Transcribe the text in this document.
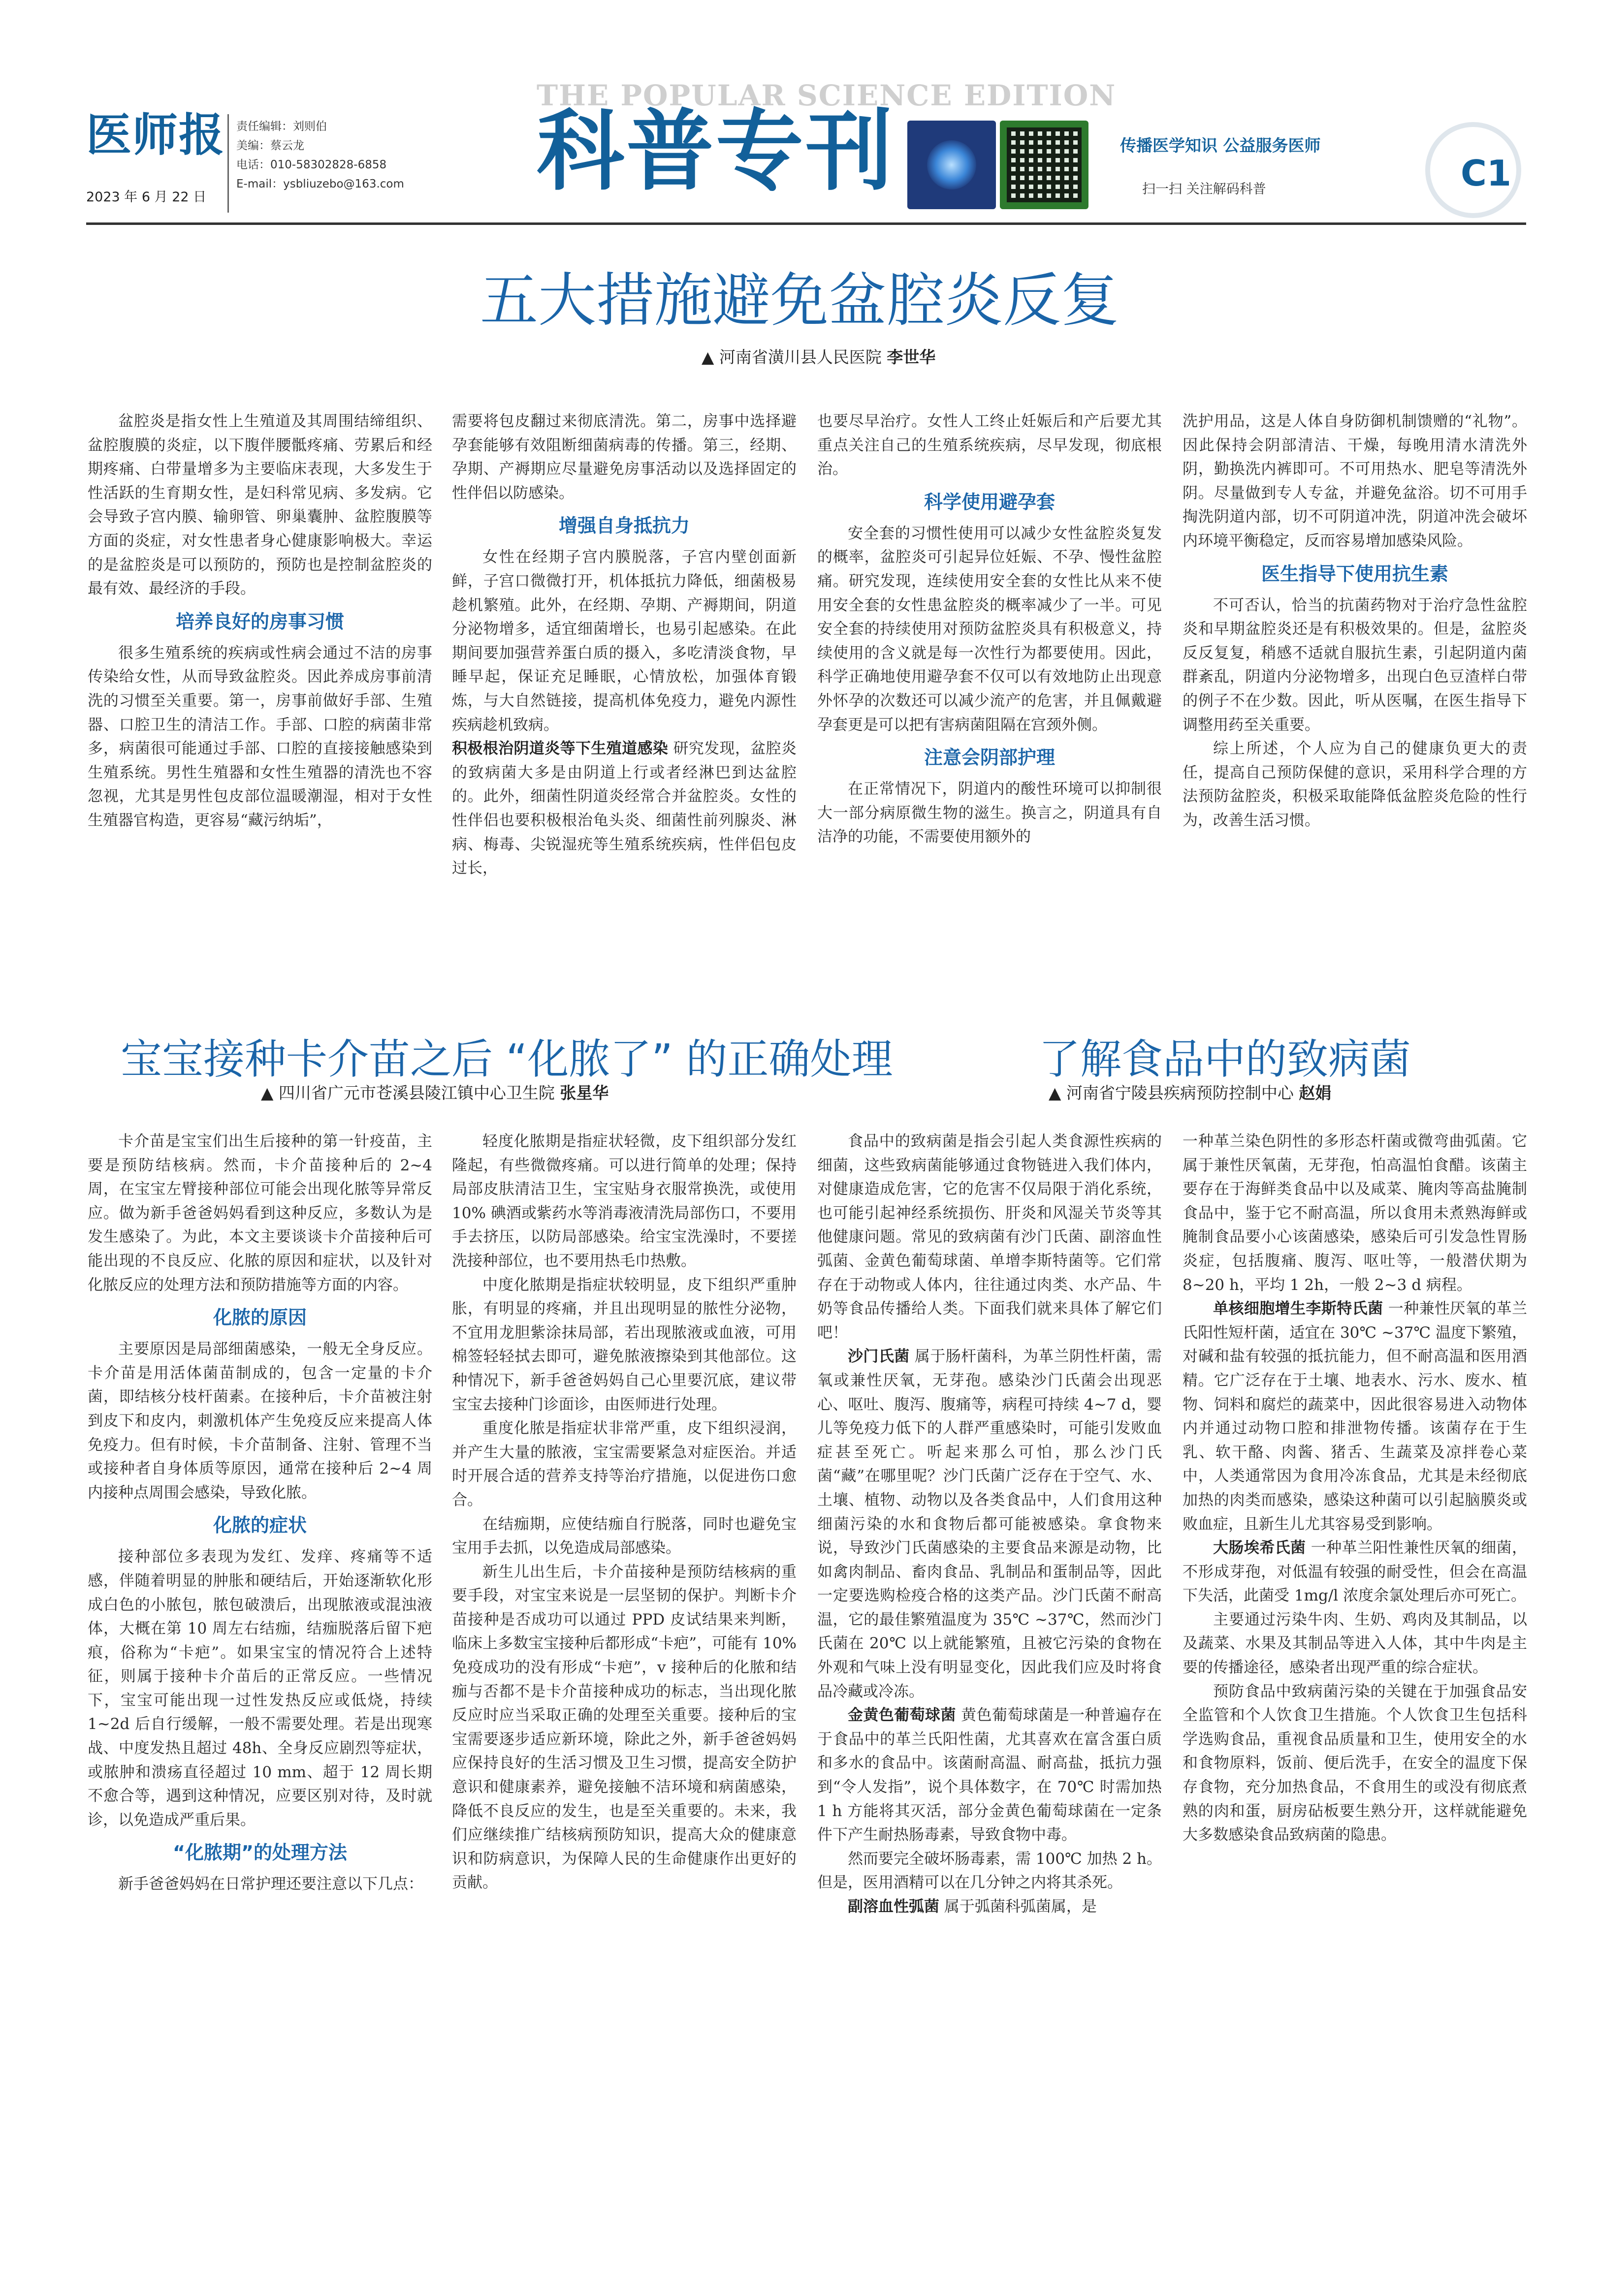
医师报
2023 年 6 月 22 日
责任编辑：刘则伯
美编：蔡云龙
电话：010-58302828-6858
E-mail：ysbliuzebo@163.com
THE POPULAR SCIENCE EDITION
科普专刊	传播医学知识 公益服务医师
扫一扫 关注解码科普	C1
五大措施避免盆腔炎反复
▲ 河南省潢川县人民医院 李世华

盆腔炎是指女性上生殖道及其周围结缔组织、盆腔腹膜的炎症，以下腹伴腰骶疼痛、劳累后和经期疼痛、白带量增多为主要临床表现，大多发生于性活跃的生育期女性，是妇科常见病、多发病。它会导致子宫内膜、输卵管、卵巢囊肿、盆腔腹膜等方面的炎症，对女性患者身心健康影响极大。幸运的是盆腔炎是可以预防的，预防也是控制盆腔炎的最有效、最经济的手段。

培养良好的房事习惯

很多生殖系统的疾病或性病会通过不洁的房事传染给女性，从而导致盆腔炎。因此养成房事前清洗的习惯至关重要。第一，房事前做好手部、生殖器、口腔卫生的清洁工作。手部、口腔的病菌非常多，病菌很可能通过手部、口腔的直接接触感染到生殖系统。男性生殖器和女性生殖器的清洗也不容忽视，尤其是男性包皮部位温暖潮湿，相对于女性生殖器官构造，更容易“藏污纳垢”，

需要将包皮翻过来彻底清洗。第二，房事中选择避孕套能够有效阻断细菌病毒的传播。第三，经期、孕期、产褥期应尽量避免房事活动以及选择固定的性伴侣以防感染。

增强自身抵抗力

女性在经期子宫内膜脱落，子宫内壁创面新鲜，子宫口微微打开，机体抵抗力降低，细菌极易趁机繁殖。此外，在经期、孕期、产褥期间，阴道分泌物增多，适宜细菌增长，也易引起感染。在此期间要加强营养蛋白质的摄入，多吃清淡食物，早睡早起，保证充足睡眠，心情放松，加强体育锻炼，与大自然链接，提高机体免疫力，避免内源性疾病趁机致病。

积极根治阴道炎等下生殖道感染 研究发现，盆腔炎的致病菌大多是由阴道上行或者经淋巴到达盆腔的。此外，细菌性阴道炎经常合并盆腔炎。女性的性伴侣也要积极根治龟头炎、细菌性前列腺炎、淋病、梅毒、尖锐湿疣等生殖系统疾病，性伴侣包皮过长，

也要尽早治疗。女性人工终止妊娠后和产后要尤其重点关注自己的生殖系统疾病，尽早发现，彻底根治。

科学使用避孕套

安全套的习惯性使用可以减少女性盆腔炎复发的概率，盆腔炎可引起异位妊娠、不孕、慢性盆腔痛。研究发现，连续使用安全套的女性比从来不使用安全套的女性患盆腔炎的概率减少了一半。可见安全套的持续使用对预防盆腔炎具有积极意义，持续使用的含义就是每一次性行为都要使用。因此，科学正确地使用避孕套不仅可以有效地防止出现意外怀孕的次数还可以减少流产的危害，并且佩戴避孕套更是可以把有害病菌阻隔在宫颈外侧。

注意会阴部护理

在正常情况下，阴道内的酸性环境可以抑制很大一部分病原微生物的滋生。换言之，阴道具有自洁净的功能，不需要使用额外的

洗护用品，这是人体自身防御机制馈赠的“礼物”。因此保持会阴部清洁、干燥，每晚用清水清洗外阴，勤换洗内裤即可。不可用热水、肥皂等清洗外阴。尽量做到专人专盆，并避免盆浴。切不可用手掏洗阴道内部，切不可阴道冲洗，阴道冲洗会破坏内环境平衡稳定，反而容易增加感染风险。

医生指导下使用抗生素

不可否认，恰当的抗菌药物对于治疗急性盆腔炎和早期盆腔炎还是有积极效果的。但是，盆腔炎反反复复，稍感不适就自服抗生素，引起阴道内菌群紊乱，阴道内分泌物增多，出现白色豆渣样白带的例子不在少数。因此，听从医嘱，在医生指导下调整用药至关重要。

综上所述，个人应为自己的健康负更大的责任，提高自己预防保健的意识，采用科学合理的方法预防盆腔炎，积极采取能降低盆腔炎危险的性行为，改善生活习惯。

宝宝接种卡介苗之后 “化脓了” 的正确处理
▲ 四川省广元市苍溪县陵江镇中心卫生院 张星华

卡介苗是宝宝们出生后接种的第一针疫苗，主要是预防结核病。然而，卡介苗接种后的 2~4 周，在宝宝左臂接种部位可能会出现化脓等异常反应。做为新手爸爸妈妈看到这种反应，多数认为是发生感染了。为此，本文主要谈谈卡介苗接种后可能出现的不良反应、化脓的原因和症状，以及针对化脓反应的处理方法和预防措施等方面的内容。

化脓的原因

主要原因是局部细菌感染，一般无全身反应。卡介苗是用活体菌苗制成的，包含一定量的卡介菌，即结核分枝杆菌素。在接种后，卡介苗被注射到皮下和皮内，刺激机体产生免疫反应来提高人体免疫力。但有时候，卡介苗制备、注射、管理不当或接种者自身体质等原因，通常在接种后 2~4 周内接种点周围会感染，导致化脓。

化脓的症状

接种部位多表现为发红、发痒、疼痛等不适感，伴随着明显的肿胀和硬结后，开始逐渐软化形成白色的小脓包，脓包破溃后，出现脓液或混浊液体，大概在第 10 周左右结痂，结痂脱落后留下疤痕，俗称为“卡疤”。如果宝宝的情况符合上述特征，则属于接种卡介苗后的正常反应。一些情况下，宝宝可能出现一过性发热反应或低烧，持续 1~2d 后自行缓解，一般不需要处理。若是出现寒战、中度发热且超过 48h、全身反应剧烈等症状，或脓肿和溃疡直径超过 10 mm、超于 12 周长期不愈合等，遇到这种情况，应要区别对待，及时就诊，以免造成严重后果。

“化脓期”的处理方法

新手爸爸妈妈在日常护理还要注意以下几点：

轻度化脓期是指症状轻微，皮下组织部分发红隆起，有些微微疼痛。可以进行简单的处理；保持局部皮肤清洁卫生，宝宝贴身衣服常换洗，或使用 10% 碘酒或紫药水等消毒液清洗局部伤口，不要用手去挤压，以防局部感染。给宝宝洗澡时，不要搓洗接种部位，也不要用热毛巾热敷。

中度化脓期是指症状较明显，皮下组织严重肿胀，有明显的疼痛，并且出现明显的脓性分泌物，不宜用龙胆紫涂抹局部，若出现脓液或血液，可用棉签轻轻拭去即可，避免脓液擦染到其他部位。这种情况下，新手爸爸妈妈自己心里要沉底，建议带宝宝去接种门诊面诊，由医师进行处理。

重度化脓是指症状非常严重，皮下组织浸润，并产生大量的脓液，宝宝需要紧急对症医治。并适时开展合适的营养支持等治疗措施，以促进伤口愈合。

在结痂期，应使结痂自行脱落，同时也避免宝宝用手去抓，以免造成局部感染。

新生儿出生后，卡介苗接种是预防结核病的重要手段，对宝宝来说是一层坚韧的保护。判断卡介苗接种是否成功可以通过 PPD 皮试结果来判断，临床上多数宝宝接种后都形成“卡疤”，可能有 10% 免疫成功的没有形成“卡疤”，v 接种后的化脓和结痂与否都不是卡介苗接种成功的标志，当出现化脓反应时应当采取正确的处理至关重要。接种后的宝宝需要逐步适应新环境，除此之外，新手爸爸妈妈应保持良好的生活习惯及卫生习惯，提高安全防护意识和健康素养，避免接触不洁环境和病菌感染，降低不良反应的发生，也是至关重要的。未来，我们应继续推广结核病预防知识，提高大众的健康意识和防病意识，为保障人民的生命健康作出更好的贡献。

了解食品中的致病菌
▲ 河南省宁陵县疾病预防控制中心 赵娟

食品中的致病菌是指会引起人类食源性疾病的细菌，这些致病菌能够通过食物链进入我们体内，对健康造成危害，它的危害不仅局限于消化系统，也可能引起神经系统损伤、肝炎和风湿关节炎等其他健康问题。常见的致病菌有沙门氏菌、副溶血性弧菌、金黄色葡萄球菌、单增李斯特菌等。它们常存在于动物或人体内，往往通过肉类、水产品、牛奶等食品传播给人类。下面我们就来具体了解它们吧！

沙门氏菌 属于肠杆菌科，为革兰阴性杆菌，需氧或兼性厌氧，无芽孢。感染沙门氏菌会出现恶心、呕吐、腹泻、腹痛等，病程可持续 4~7 d，婴儿等免疫力低下的人群严重感染时，可能引发败血症甚至死亡。听起来那么可怕，那么沙门氏菌“藏”在哪里呢？沙门氏菌广泛存在于空气、水、土壤、植物、动物以及各类食品中，人们食用这种细菌污染的水和食物后都可能被感染。拿食物来说，导致沙门氏菌感染的主要食品来源是动物，比如禽肉制品、畜肉食品、乳制品和蛋制品等，因此一定要选购检疫合格的这类产品。沙门氏菌不耐高温，它的最佳繁殖温度为 35℃ ~37℃，然而沙门氏菌在 20℃ 以上就能繁殖，且被它污染的食物在外观和气味上没有明显变化，因此我们应及时将食品冷藏或冷冻。

金黄色葡萄球菌 黄色葡萄球菌是一种普遍存在于食品中的革兰氏阳性菌，尤其喜欢在富含蛋白质和多水的食品中。该菌耐高温、耐高盐，抵抗力强到“令人发指”，说个具体数字，在 70℃ 时需加热 1 h 方能将其灭活，部分金黄色葡萄球菌在一定条件下产生耐热肠毒素，导致食物中毒。

然而要完全破坏肠毒素，需 100℃ 加热 2 h。但是，医用酒精可以在几分钟之内将其杀死。

副溶血性弧菌 属于弧菌科弧菌属，是

一种革兰染色阴性的多形态杆菌或微弯曲弧菌。它属于兼性厌氧菌，无芽孢，怕高温怕食醋。该菌主要存在于海鲜类食品中以及咸菜、腌肉等高盐腌制食品中，鉴于它不耐高温，所以食用未煮熟海鲜或腌制食品要小心该菌感染，感染后可引发急性胃肠炎症，包括腹痛、腹泻、呕吐等，一般潜伏期为 8~20 h，平均 1 2h，一般 2~3 d 病程。

单核细胞增生李斯特氏菌 一种兼性厌氧的革兰氏阳性短杆菌，适宜在 30℃ ~37℃ 温度下繁殖，对碱和盐有较强的抵抗能力，但不耐高温和医用酒精。它广泛存在于土壤、地表水、污水、废水、植物、饲料和腐烂的蔬菜中，因此很容易进入动物体内并通过动物口腔和排泄物传播。该菌存在于生乳、软干酪、肉酱、猪舌、生蔬菜及凉拌卷心菜中，人类通常因为食用冷冻食品，尤其是未经彻底加热的肉类而感染，感染这种菌可以引起脑膜炎或败血症，且新生儿尤其容易受到影响。

大肠埃希氏菌 一种革兰阳性兼性厌氧的细菌，不形成芽孢，对低温有较强的耐受性，但会在高温下失活，此菌受 1mg/l 浓度余氯处理后亦可死亡。

主要通过污染牛肉、生奶、鸡肉及其制品，以及蔬菜、水果及其制品等进入人体，其中牛肉是主要的传播途径，感染者出现严重的综合症状。

预防食品中致病菌污染的关键在于加强食品安全监管和个人饮食卫生措施。个人饮食卫生包括科学选购食品，重视食品质量和卫生，使用安全的水和食物原料，饭前、便后洗手，在安全的温度下保存食物，充分加热食品，不食用生的或没有彻底煮熟的肉和蛋，厨房砧板要生熟分开，这样就能避免大多数感染食品致病菌的隐患。
